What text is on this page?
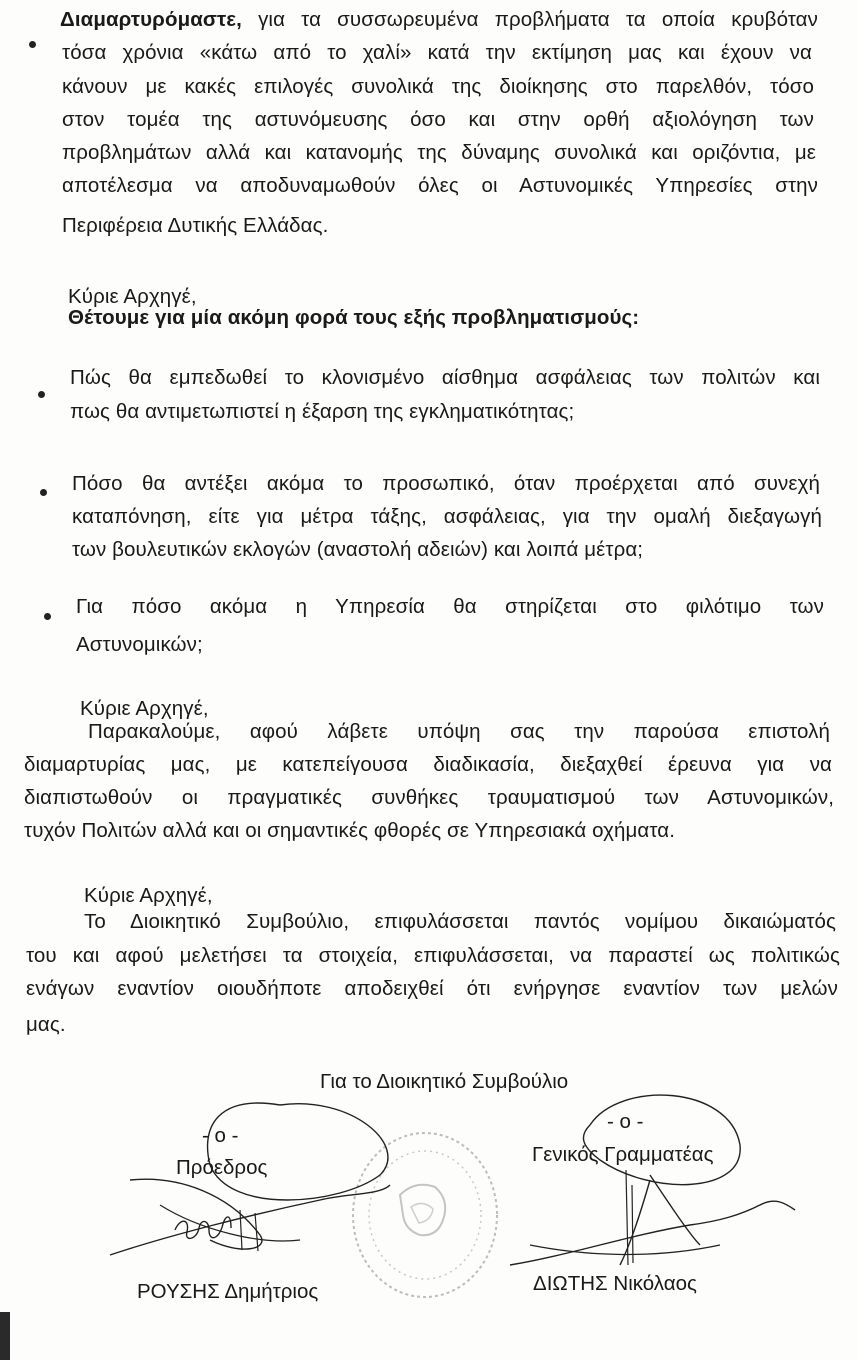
Διαμαρτυρόμαστε, για τα συσσωρευμένα προβλήματα τα οποία κρυβόταν
τόσα χρόνια «κάτω από το χαλί» κατά την εκτίμηση μας και έχουν να
κάνουν με κακές επιλογές συνολικά της διοίκησης στο παρελθόν, τόσο
στον τομέα της αστυνόμευσης όσο και στην ορθή αξιολόγηση των
προβλημάτων αλλά και κατανομής της δύναμης συνολικά και οριζόντια, με
αποτέλεσμα να αποδυναμωθούν όλες οι Αστυνομικές Υπηρεσίες στην
Περιφέρεια Δυτικής Ελλάδας.
Κύριε Αρχηγέ,
Θέτουμε για μία ακόμη φορά τους εξής προβληματισμούς:
Πώς θα εμπεδωθεί το κλονισμένο αίσθημα ασφάλειας των πολιτών και
πως θα αντιμετωπιστεί η έξαρση της εγκληματικότητας;
Πόσο θα αντέξει ακόμα το προσωπικό, όταν προέρχεται από συνεχή
καταπόνηση, είτε για μέτρα τάξης, ασφάλειας, για την ομαλή διεξαγωγή
των βουλευτικών εκλογών (αναστολή αδειών) και λοιπά μέτρα;
Για πόσο ακόμα η Υπηρεσία θα στηρίζεται στο φιλότιμο των
Αστυνομικών;
Κύριε Αρχηγέ,
Παρακαλούμε, αφού λάβετε υπόψη σας την παρούσα επιστολή
διαμαρτυρίας μας, με κατεπείγουσα διαδικασία, διεξαχθεί έρευνα για να
διαπιστωθούν οι πραγματικές συνθήκες τραυματισμού των Αστυνομικών,
τυχόν Πολιτών αλλά και οι σημαντικές φθορές σε Υπηρεσιακά οχήματα.
Κύριε Αρχηγέ,
Το Διοικητικό Συμβούλιο, επιφυλάσσεται παντός νομίμου δικαιώματός
του και αφού μελετήσει τα στοιχεία, επιφυλάσσεται, να παραστεί ως πολιτικώς
ενάγων εναντίον οιουδήποτε αποδειχθεί ότι ενήργησε εναντίον των μελών
μας.
Για το Διοικητικό Συμβούλιο
- ο -
Πρόεδρος
ΡΟΥΣΗΣ Δημήτριος
- ο -
Γενικός Γραμματέας
ΔΙΩΤΗΣ Νικόλαος
